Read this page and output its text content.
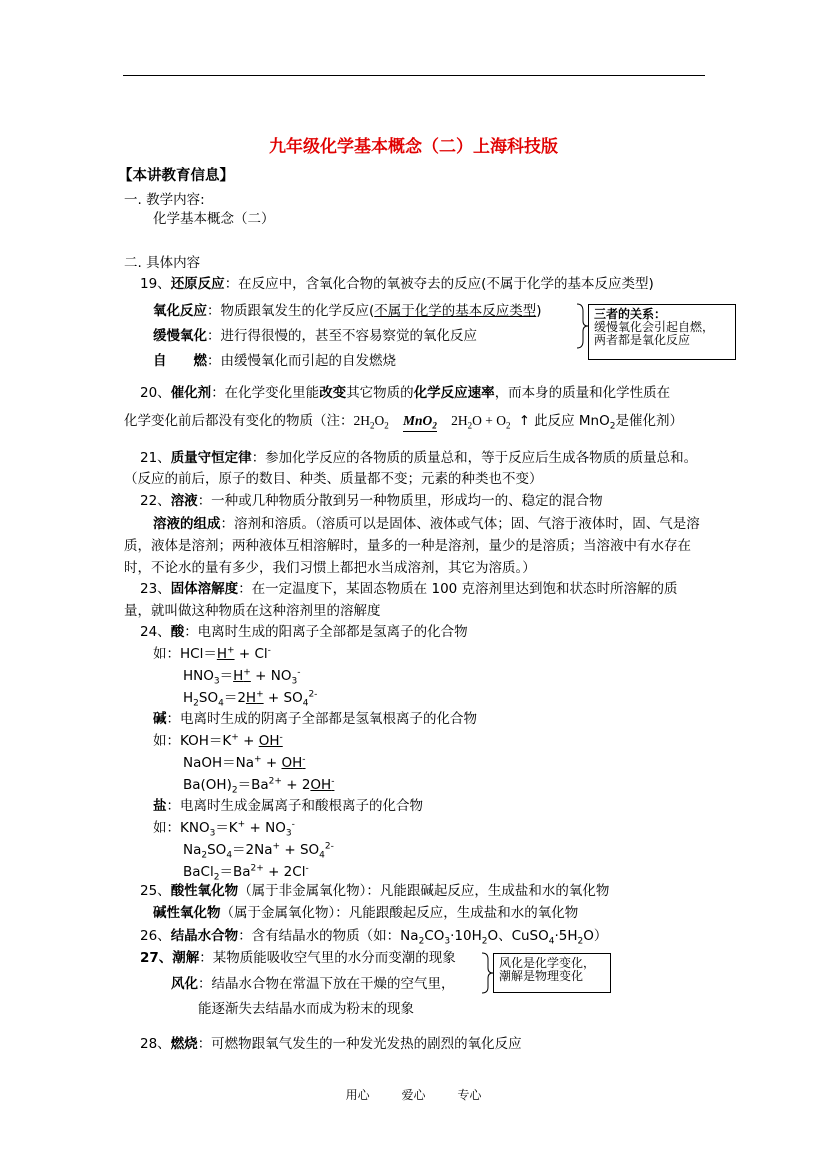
九年级化学基本概念（二）上海科技版
【本讲教育信息】
一. 教学内容:
化学基本概念（二）
二. 具体内容
19、还原反应：在反应中，含氧化合物的氧被夺去的反应(不属于化学的基本反应类型)
氧化反应：物质跟氧发生的化学反应(不属于化学的基本反应类型)
缓慢氧化：进行得很慢的，甚至不容易察觉的氧化反应
自　　燃：由缓慢氧化而引起的自发燃烧
三者的关系：
缓慢氧化会引起自燃，
两者都是氧化反应
20、催化剂：在化学变化里能改变其它物质的化学反应速率，而本身的质量和化学性质在
化学变化前后都没有变化的物质（注：$2H_2O_2$ MnO$_2$ $2H_2O + O_2$ ↑ 此反应 MnO$_2$是催化剂）
21、质量守恒定律：参加化学反应的各物质的质量总和，等于反应后生成各物质的质量总和。
（反应的前后，原子的数目、种类、质量都不变；元素的种类也不变）
22、溶液：一种或几种物质分散到另一种物质里，形成均一的、稳定的混合物
溶液的组成：溶剂和溶质。（溶质可以是固体、液体或气体；固、气溶于液体时，固、气是溶
质，液体是溶剂；两种液体互相溶解时，量多的一种是溶剂，量少的是溶质；当溶液中有水存在
时，不论水的量有多少，我们习惯上都把水当成溶剂，其它为溶质。）
23、固体溶解度：在一定温度下，某固态物质在 100 克溶剂里达到饱和状态时所溶解的质
量，就叫做这种物质在这种溶剂里的溶解度
24、酸：电离时生成的阳离子全部都是氢离子的化合物
如：HCl＝H+ + Cl-
$HNO_3=H^+ + NO_3^-$
$H_2SO_4=2H^+ + SO_4^{2-}$
碱：电离时生成的阴离子全部都是氢氧根离子的化合物
如：KOH＝K+ + OH-
NaOH＝Na+ + OH-
$Ba(OH)_2=Ba^{2+} + 2OH^-$
盐：电离时生成金属离子和酸根离子的化合物
如：$KNO_3=K^+ + NO_3^-$
$Na_2SO_4=2Na^+ + SO_4^{2-}$
$BaCl_2=Ba^{2+} + 2Cl^-$
25、酸性氧化物（属于非金属氧化物）：凡能跟碱起反应，生成盐和水的氧化物
碱性氧化物（属于金属氧化物）：凡能跟酸起反应，生成盐和水的氧化物
26、结晶水合物：含有结晶水的物质（如：$Na_2CO_3\cdot 10H_2O$、$CuSO_4\cdot 5H_2O$）
27、潮解：某物质能吸收空气里的水分而变潮的现象
风化：结晶水合物在常温下放在干燥的空气里，
能逐渐失去结晶水而成为粉末的现象
风化是化学变化，
潮解是物理变化
28、燃烧：可燃物跟氧气发生的一种发光发热的剧烈的氧化反应
用心	爱心	专心
